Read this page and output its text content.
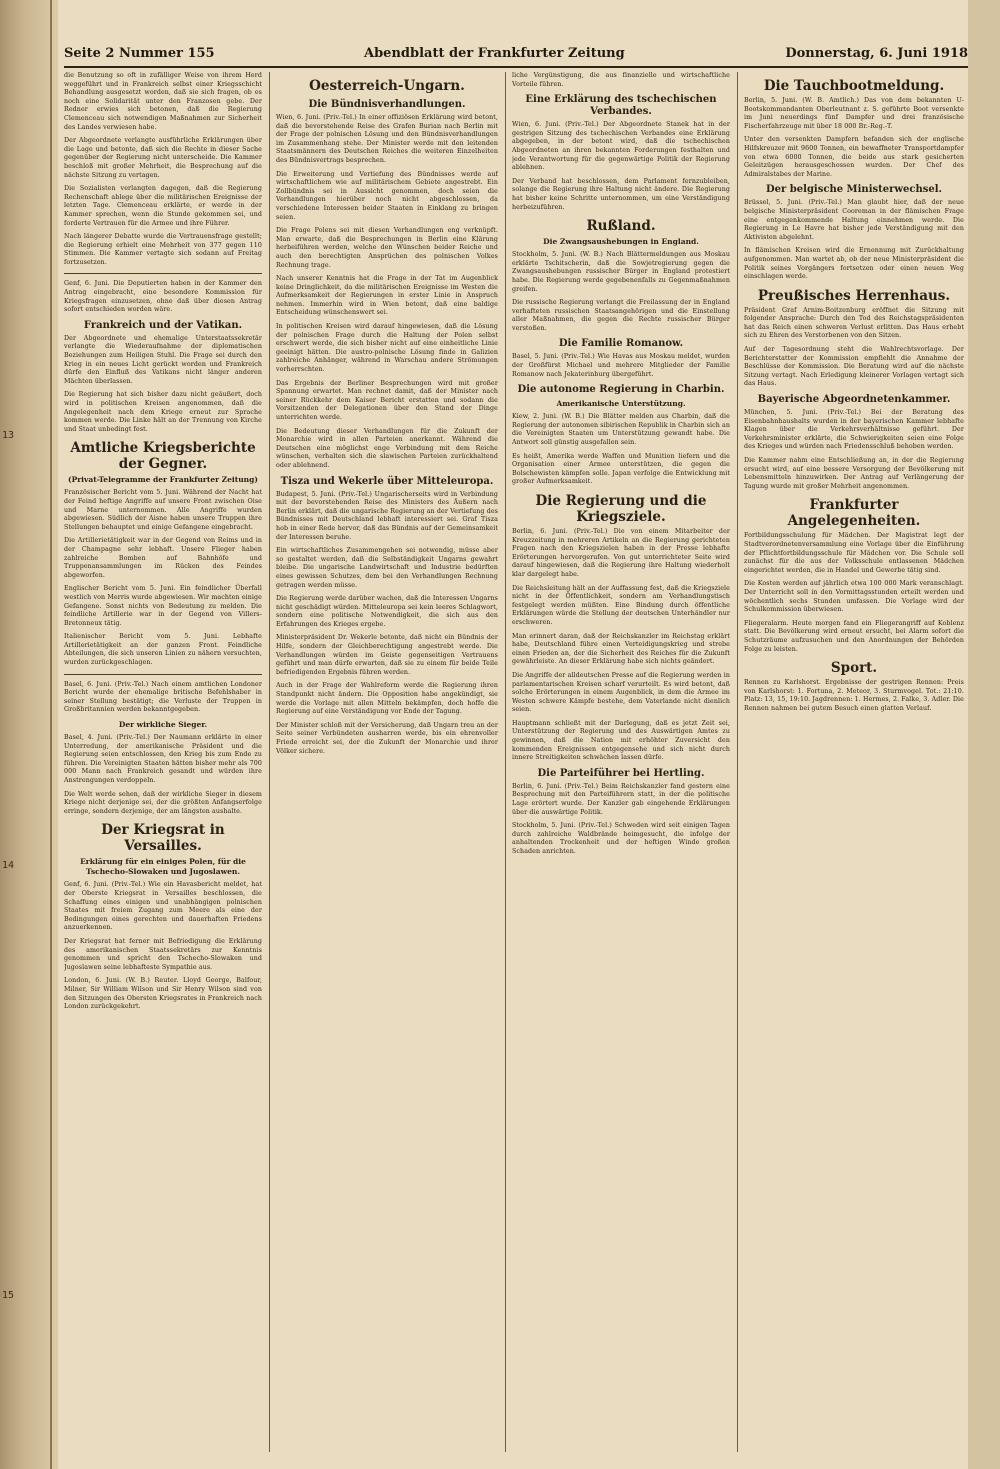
13
14
15
Seite 2 Nummer 155	Abendblatt der Frankfurter Zeitung	Donnerstag, 6. Juni 1918

die Benutzung so oft in zufälliger Weise von ihrem Herd weggeführt und in Frankreich selbst einer Kriegsschicht Behandlung ausgesetzt worden, daß sie sich fragen, ob es noch eine Solidarität unter den Franzosen gebe. Der Redner erwies sich betonen, daß die Regierung Clemenceau sich notwendigen Maßnahmen zur Sicherheit des Landes verwiesen habe.

Der Abgeordnete verlangte ausführliche Erklärungen über die Lage und betonte, daß sich die Rechte in dieser Sache gegenüber der Regierung nicht unterscheide. Die Kammer beschloß mit großer Mehrheit, die Besprechung auf die nächste Sitzung zu vertagen.

Die Sozialisten verlangten dagegen, daß die Regierung Rechenschaft ablege über die militärischen Ereignisse der letzten Tage. Clemenceau erklärte, er werde in der Kammer sprechen, wenn die Stunde gekommen sei, und forderte Vertrauen für die Armee und ihre Führer.

Nach längerer Debatte wurde die Vertrauensfrage gestellt; die Regierung erhielt eine Mehrheit von 377 gegen 110 Stimmen. Die Kammer vertagte sich sodann auf Freitag fortzusetzen.

Genf, 6. Juni. Die Deputierten haben in der Kammer den Antrag eingebracht, eine besondere Kommission für Kriegsfragen einzusetzen, ohne daß über diesen Antrag sofort entschieden worden wäre.

Frankreich und der Vatikan.

Der Abgeordnete und ehemalige Unterstaatssekretär verlangte die Wiederaufnahme der diplomatischen Beziehungen zum Heiligen Stuhl. Die Frage sei durch den Krieg in ein neues Licht gerückt worden und Frankreich dürfe den Einfluß des Vatikans nicht länger anderen Mächten überlassen.

Die Regierung hat sich bisher dazu nicht geäußert, doch wird in politischen Kreisen angenommen, daß die Angelegenheit nach dem Kriege erneut zur Sprache kommen werde. Die Linke hält an der Trennung von Kirche und Staat unbedingt fest.

Amtliche Kriegsberichte der Gegner.
(Privat-Telegramme der Frankfurter Zeitung)

Französischer Bericht vom 5. Juni. Während der Nacht hat der Feind heftige Angriffe auf unsere Front zwischen Oise und Marne unternommen. Alle Angriffe wurden abgewiesen. Südlich der Aisne haben unsere Truppen ihre Stellungen behauptet und einige Gefangene eingebracht.

Die Artillerietätigkeit war in der Gegend von Reims und in der Champagne sehr lebhaft. Unsere Flieger haben zahlreiche Bomben auf Bahnhöfe und Truppenansammlungen im Rücken des Feindes abgeworfen.

Englischer Bericht vom 5. Juni. Ein feindlicher Überfall westlich von Merris wurde abgewiesen. Wir machten einige Gefangene. Sonst nichts von Bedeutung zu melden. Die feindliche Artillerie war in der Gegend von Villers-Bretonneux tätig.

Italienischer Bericht vom 5. Juni. Lebhafte Artillerietätigkeit an der ganzen Front. Feindliche Abteilungen, die sich unseren Linien zu nähern versuchten, wurden zurückgeschlagen.

Basel, 6. Juni. (Priv.-Tel.) Nach einem amtlichen Londoner Bericht wurde der ehemalige britische Befehlshaber in seiner Stellung bestätigt; die Verluste der Truppen in Großbritannien werden bekanntgegeben.

Der wirkliche Sieger.

Basel, 4. Juni. (Priv.-Tel.) Der Naumann erklärte in einer Unterredung, der amerikanische Präsident und die Regierung seien entschlossen, den Krieg bis zum Ende zu führen. Die Vereinigten Staaten hätten bisher mehr als 700 000 Mann nach Frankreich gesandt und würden ihre Anstrengungen verdoppeln.

Die Welt werde sehen, daß der wirkliche Sieger in diesem Kriege nicht derjenige sei, der die größten Anfangserfolge erringe, sondern derjenige, der am längsten aushalte.

Der Kriegsrat in Versailles.
Erklärung für ein einiges Polen, für die Tschecho-Slowaken und Jugoslawen.

Genf, 6. Juni. (Priv.-Tel.) Wie ein Havasbericht meldet, hat der Oberste Kriegsrat in Versailles beschlossen, die Schaffung eines einigen und unabhängigen polnischen Staates mit freiem Zugang zum Meere als eine der Bedingungen eines gerechten und dauerhaften Friedens anzuerkennen.

Der Kriegsrat hat ferner mit Befriedigung die Erklärung des amerikanischen Staatssekretärs zur Kenntnis genommen und spricht den Tschecho-Slowaken und Jugoslawen seine lebhafteste Sympathie aus.

London, 6. Juni. (W. B.) Reuter. Lloyd George, Balfour, Milner, Sir William Wilson und Sir Henry Wilson sind von den Sitzungen des Obersten Kriegsrates in Frankreich nach London zurückgekehrt.

Oesterreich-Ungarn.
Die Bündnisverhandlungen.

Wien, 6. Juni. (Priv.-Tel.) In einer offiziösen Erklärung wird betont, daß die bevorstehende Reise des Grafen Burian nach Berlin mit der Frage der polnischen Lösung und den Bündnisverhandlungen im Zusammenhang stehe. Der Minister werde mit den leitenden Staatsmännern des Deutschen Reiches die weiteren Einzelheiten des Bündnisvertrags besprechen.

Die Erweiterung und Vertiefung des Bündnisses werde auf wirtschaftlichem wie auf militärischem Gebiete angestrebt. Ein Zollbündnis sei in Aussicht genommen, doch seien die Verhandlungen hierüber noch nicht abgeschlossen, da verschiedene Interessen beider Staaten in Einklang zu bringen seien.

Die Frage Polens sei mit diesen Verhandlungen eng verknüpft. Man erwarte, daß die Besprechungen in Berlin eine Klärung herbeiführen werden, welche den Wünschen beider Reiche und auch den berechtigten Ansprüchen des polnischen Volkes Rechnung trage.

Nach unserer Kenntnis hat die Frage in der Tat im Augenblick keine Dringlichkeit, da die militärischen Ereignisse im Westen die Aufmerksamkeit der Regierungen in erster Linie in Anspruch nehmen. Immerhin wird in Wien betont, daß eine baldige Entscheidung wünschenswert sei.

In politischen Kreisen wird darauf hingewiesen, daß die Lösung der polnischen Frage durch die Haltung der Polen selbst erschwert werde, die sich bisher nicht auf eine einheitliche Linie geeinigt hätten. Die austro-polnische Lösung finde in Galizien zahlreiche Anhänger, während in Warschau andere Strömungen vorherrschten.

Das Ergebnis der Berliner Besprechungen wird mit großer Spannung erwartet. Man rechnet damit, daß der Minister nach seiner Rückkehr dem Kaiser Bericht erstatten und sodann die Vorsitzenden der Delegationen über den Stand der Dinge unterrichten werde.

Die Bedeutung dieser Verhandlungen für die Zukunft der Monarchie wird in allen Parteien anerkannt. Während die Deutschen eine möglichst enge Verbindung mit dem Reiche wünschen, verhalten sich die slawischen Parteien zurückhaltend oder ablehnend.

Tisza und Wekerle über Mitteleuropa.

Budapest, 5. Juni. (Priv.-Tel.) Ungarischerseits wird in Verbindung mit der bevorstehenden Reise des Ministers des Äußern nach Berlin erklärt, daß die ungarische Regierung an der Vertiefung des Bündnisses mit Deutschland lebhaft interessiert sei. Graf Tisza hob in einer Rede hervor, daß das Bündnis auf der Gemeinsamkeit der Interessen beruhe.

Ein wirtschaftliches Zusammengehen sei notwendig, müsse aber so gestaltet werden, daß die Selbständigkeit Ungarns gewahrt bleibe. Die ungarische Landwirtschaft und Industrie bedürften eines gewissen Schutzes, dem bei den Verhandlungen Rechnung getragen werden müsse.

Die Regierung werde darüber wachen, daß die Interessen Ungarns nicht geschädigt würden. Mitteleuropa sei kein leeres Schlagwort, sondern eine politische Notwendigkeit, die sich aus den Erfahrungen des Krieges ergebe.

Ministerpräsident Dr. Wekerle betonte, daß nicht ein Bündnis der Hilfe, sondern der Gleichberechtigung angestrebt werde. Die Verhandlungen würden im Geiste gegenseitigen Vertrauens geführt und man dürfe erwarten, daß sie zu einem für beide Teile befriedigenden Ergebnis führen werden.

Auch in der Frage der Wahlreform werde die Regierung ihren Standpunkt nicht ändern. Die Opposition habe angekündigt, sie werde die Vorlage mit allen Mitteln bekämpfen, doch hoffe die Regierung auf eine Verständigung vor Ende der Tagung.

Der Minister schloß mit der Versicherung, daß Ungarn treu an der Seite seiner Verbündeten ausharren werde, bis ein ehrenvoller Friede erreicht sei, der die Zukunft der Monarchie und ihrer Völker sichere.

liche Vergünstigung, die aus finanzielle und wirtschaftliche Vorteile führen.

Eine Erklärung des tschechischen Verbandes.

Wien, 6. Juni. (Priv.-Tel.) Der Abgeordnete Stanek hat in der gestrigen Sitzung des tschechischen Verbandes eine Erklärung abgegeben, in der betont wird, daß die tschechischen Abgeordneten an ihren bekannten Forderungen festhalten und jede Verantwortung für die gegenwärtige Politik der Regierung ablehnen.

Der Verband hat beschlossen, dem Parlament fernzubleiben, solange die Regierung ihre Haltung nicht ändere. Die Regierung hat bisher keine Schritte unternommen, um eine Verständigung herbeizuführen.

Rußland.
Die Zwangsaushebungen in England.

Stockholm, 5. Juni. (W. B.) Nach Blättermeldungen aus Moskau erklärte Tschitscherin, daß die Sowjetregierung gegen die Zwangsaushebungen russischer Bürger in England protestiert habe. Die Regierung werde gegebenenfalls zu Gegenmaßnahmen greifen.

Die russische Regierung verlangt die Freilassung der in England verhafteten russischen Staatsangehörigen und die Einstellung aller Maßnahmen, die gegen die Rechte russischer Bürger verstoßen.

Die Familie Romanow.

Basel, 5. Juni. (Priv.-Tel.) Wie Havas aus Moskau meldet, wurden der Großfürst Michael und mehrere Mitglieder der Familie Romanow nach Jekaterinburg übergeführt.

Die autonome Regierung in Charbin.
Amerikanische Unterstützung.

Kiew, 2. Juni. (W. B.) Die Blätter melden aus Charbin, daß die Regierung der autonomen sibirischen Republik in Charbin sich an die Vereinigten Staaten um Unterstützung gewandt habe. Die Antwort soll günstig ausgefallen sein.

Es heißt, Amerika werde Waffen und Munition liefern und die Organisation einer Armee unterstützen, die gegen die Bolschewisten kämpfen solle. Japan verfolge die Entwicklung mit großer Aufmerksamkeit.

Die Regierung und die Kriegsziele.

Berlin, 6. Juni. (Priv.-Tel.) Die von einem Mitarbeiter der Kreuzzeitung in mehreren Artikeln an die Regierung gerichteten Fragen nach den Kriegszielen haben in der Presse lebhafte Erörterungen hervorgerufen. Von gut unterrichteter Seite wird darauf hingewiesen, daß die Regierung ihre Haltung wiederholt klar dargelegt habe.

Die Reichsleitung hält an der Auffassung fest, daß die Kriegsziele nicht in der Öffentlichkeit, sondern am Verhandlungstisch festgelegt werden müßten. Eine Bindung durch öffentliche Erklärungen würde die Stellung der deutschen Unterhändler nur erschweren.

Man erinnert daran, daß der Reichskanzler im Reichstag erklärt habe, Deutschland führe einen Verteidigungskrieg und strebe einen Frieden an, der die Sicherheit des Reiches für die Zukunft gewährleiste. An dieser Erklärung habe sich nichts geändert.

Die Angriffe der alldeutschen Presse auf die Regierung werden in parlamentarischen Kreisen scharf verurteilt. Es wird betont, daß solche Erörterungen in einem Augenblick, in dem die Armee im Westen schwere Kämpfe bestehe, dem Vaterlande nicht dienlich seien.

Hauptmann schließt mit der Darlegung, daß es jetzt Zeit sei, Unterstützung der Regierung und des Auswärtigen Amtes zu gewinnen, daß die Nation mit erhöhter Zuversicht den kommenden Ereignissen entgegensehe und sich nicht durch innere Streitigkeiten schwächen lassen dürfe.

Die Parteiführer bei Hertling.

Berlin, 6. Juni. (Priv.-Tel.) Beim Reichskanzler fand gestern eine Besprechung mit den Parteiführern statt, in der die politische Lage erörtert wurde. Der Kanzler gab eingehende Erklärungen über die auswärtige Politik.

Stockholm, 5. Juni. (Priv.-Tel.) Schweden wird seit einigen Tagen durch zahlreiche Waldbrände heimgesucht, die infolge der anhaltenden Trockenheit und der heftigen Winde großen Schaden anrichten.

Die Tauchbootmeldung.

Berlin, 5. Juni. (W. B. Amtlich.) Das von dem bekannten U-Bootskommandanten Oberleutnant z. S. geführte Boot versenkte im Juni neuerdings fünf Dampfer und drei französische Fischerfahrzeuge mit über 18 000 Br.-Reg.-T.

Unter den versenkten Dampfern befanden sich der englische Hilfskreuzer mit 9600 Tonnen, ein bewaffneter Transportdampfer von etwa 6000 Tonnen, die beide aus stark gesicherten Geleitzügen herausgeschossen wurden. Der Chef des Admiralstabes der Marine.

Der belgische Ministerwechsel.

Brüssel, 5. Juni. (Priv.-Tel.) Man glaubt hier, daß der neue belgische Ministerpräsident Cooreman in der flämischen Frage eine entgegenkommende Haltung einnehmen werde. Die Regierung in Le Havre hat bisher jede Verständigung mit den Aktivisten abgelehnt.

In flämischen Kreisen wird die Ernennung mit Zurückhaltung aufgenommen. Man wartet ab, ob der neue Ministerpräsident die Politik seines Vorgängers fortsetzen oder einen neuen Weg einschlagen werde.

Preußisches Herrenhaus.

Präsident Graf Arnim-Boitzenburg eröffnet die Sitzung mit folgender Ansprache: Durch den Tod des Reichstagspräsidenten hat das Reich einen schweren Verlust erlitten. Das Haus erhebt sich zu Ehren des Verstorbenen von den Sitzen.

Auf der Tagesordnung steht die Wahlrechtsvorlage. Der Berichterstatter der Kommission empfiehlt die Annahme der Beschlüsse der Kommission. Die Beratung wird auf die nächste Sitzung vertagt. Nach Erledigung kleinerer Vorlagen vertagt sich das Haus.

Bayerische Abgeordnetenkammer.

München, 5. Juni. (Priv.-Tel.) Bei der Beratung des Eisenbahnhaushalts wurden in der bayerischen Kammer lebhafte Klagen über die Verkehrsverhältnisse geführt. Der Verkehrsminister erklärte, die Schwierigkeiten seien eine Folge des Krieges und würden nach Friedensschluß behoben werden.

Die Kammer nahm eine Entschließung an, in der die Regierung ersucht wird, auf eine bessere Versorgung der Bevölkerung mit Lebensmitteln hinzuwirken. Der Antrag auf Verlängerung der Tagung wurde mit großer Mehrheit angenommen.

Frankfurter Angelegenheiten.

Fortbildungsschulung für Mädchen. Der Magistrat legt der Stadtverordnetenversammlung eine Vorlage über die Einführung der Pflichtfortbildungsschule für Mädchen vor. Die Schule soll zunächst für die aus der Volksschule entlassenen Mädchen eingerichtet werden, die in Handel und Gewerbe tätig sind.

Die Kosten werden auf jährlich etwa 100 000 Mark veranschlagt. Der Unterricht soll in den Vormittagsstunden erteilt werden und wöchentlich sechs Stunden umfassen. Die Vorlage wird der Schulkommission überwiesen.

Fliegeralarm. Heute morgen fand ein Fliegerangriff auf Koblenz statt. Die Bevölkerung wird erneut ersucht, bei Alarm sofort die Schutzräume aufzusuchen und den Anordnungen der Behörden Folge zu leisten.

Sport.

Rennen zu Karlshorst. Ergebnisse der gestrigen Rennen: Preis von Karlshorst: 1. Fortuna, 2. Meteor, 3. Sturmvogel. Tot.: 21:10. Platz: 13, 15, 19:10. Jagdrennen: 1. Hermes, 2. Falke, 3. Adler. Die Rennen nahmen bei gutem Besuch einen glatten Verlauf.
